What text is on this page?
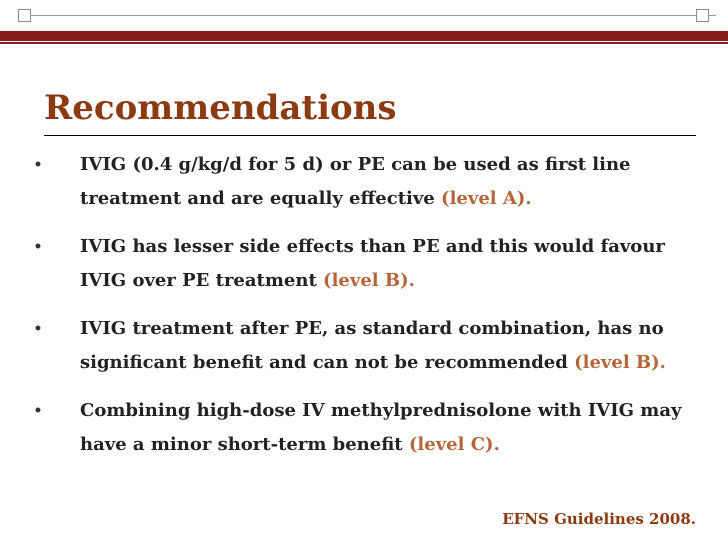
Recommendations
•	IVIG (0.4 g/kg/d for 5 d) or PE can be used as first line treatment and are equally effective (level A).
•	IVIG has lesser side effects than PE and this would favour IVIG over PE treatment (level B).
•	IVIG treatment after PE, as standard combination, has no significant benefit and can not be recommended (level B).
•	Combining high-dose IV methylprednisolone with IVIG may have a minor short-term benefit (level C).
EFNS Guidelines 2008.
